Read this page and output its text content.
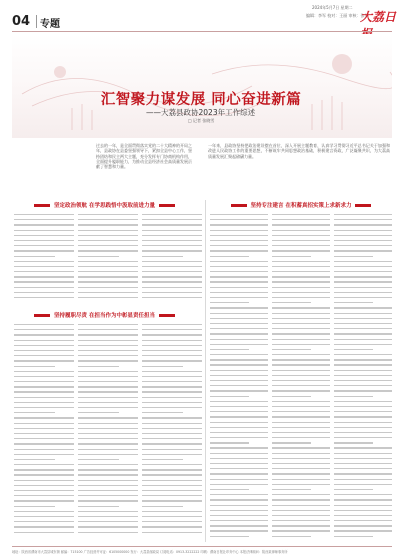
04 专题
2024年5月7日 星期二
编辑：李军 校对：王丽 审核：张华
大荔日
汇智聚力谋发展 同心奋进新篇
——大荔县政协2023年工作综述
□ 记者 张晓雪
过去的一年，是全面贯彻落实党的二十大精神的开局之年，县政协在县委坚强领导下，紧扣全县中心工作，坚持团结和民主两大主题，充分发挥专门协商机构作用，全面提升履职能力，为推动全县经济社会高质量发展贡献了智慧和力量。
一年来，县政协坚持把政治建设摆在首位，深入开展主题教育，认真学习贯彻习近平总书记关于加强和改进人民政协工作的重要思想，不断筑牢共同思想政治基础，积极建言资政，广泛凝聚共识，为大荔高质量发展汇聚起磅礴力量。
坚定政治领航 在学思践悟中汲取前进力量	坚持专注建言 在积蓄真招实策上求新求力
坚持履职尽责 在担当作为中彰显责任担当
地址：陕西省渭南市大荔县城东街 邮编：715100 广告经营许可证：6105000000 发行：大荔县邮政局 订阅电话：0913-3222222 印刷：渭南日报社印务中心 本报法律顾问：陕西某律师事务所
